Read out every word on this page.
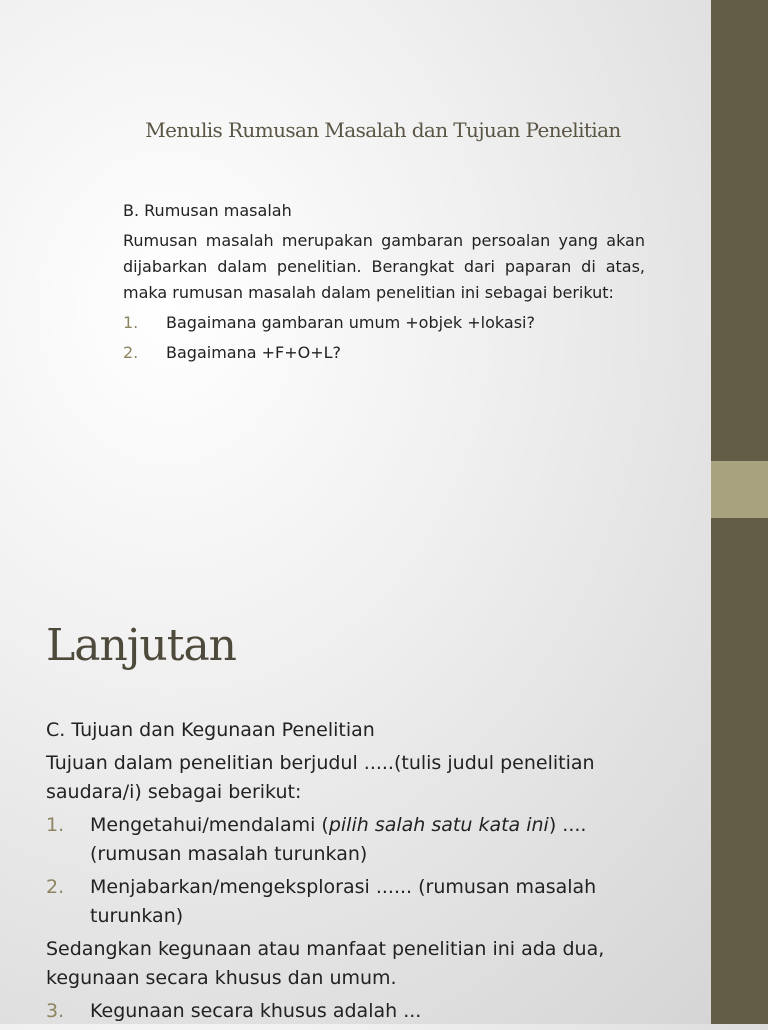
Menulis Rumusan Masalah dan Tujuan Penelitian

B. Rumusan masalah

Rumusan masalah merupakan gambaran persoalan yang akan dijabarkan dalam penelitian. Berangkat dari paparan di atas, maka rumusan masalah dalam penelitian ini sebagai berikut:

1.	Bagaimana gambaran umum +objek +lokasi?
2.	Bagaimana +F+O+L?
Lanjutan

C. Tujuan dan Kegunaan Penelitian

Tujuan dalam penelitian berjudul .....(tulis judul penelitian saudara/i) sebagai berikut:

1.	Mengetahui/mendalami (pilih salah satu kata ini) .... (rumusan masalah turunkan)
2.	Menjabarkan/mengeksplorasi ...... (rumusan masalah turunkan)

Sedangkan kegunaan atau manfaat penelitian ini ada dua, kegunaan secara khusus dan umum.

3.	Kegunaan secara khusus adalah ...
